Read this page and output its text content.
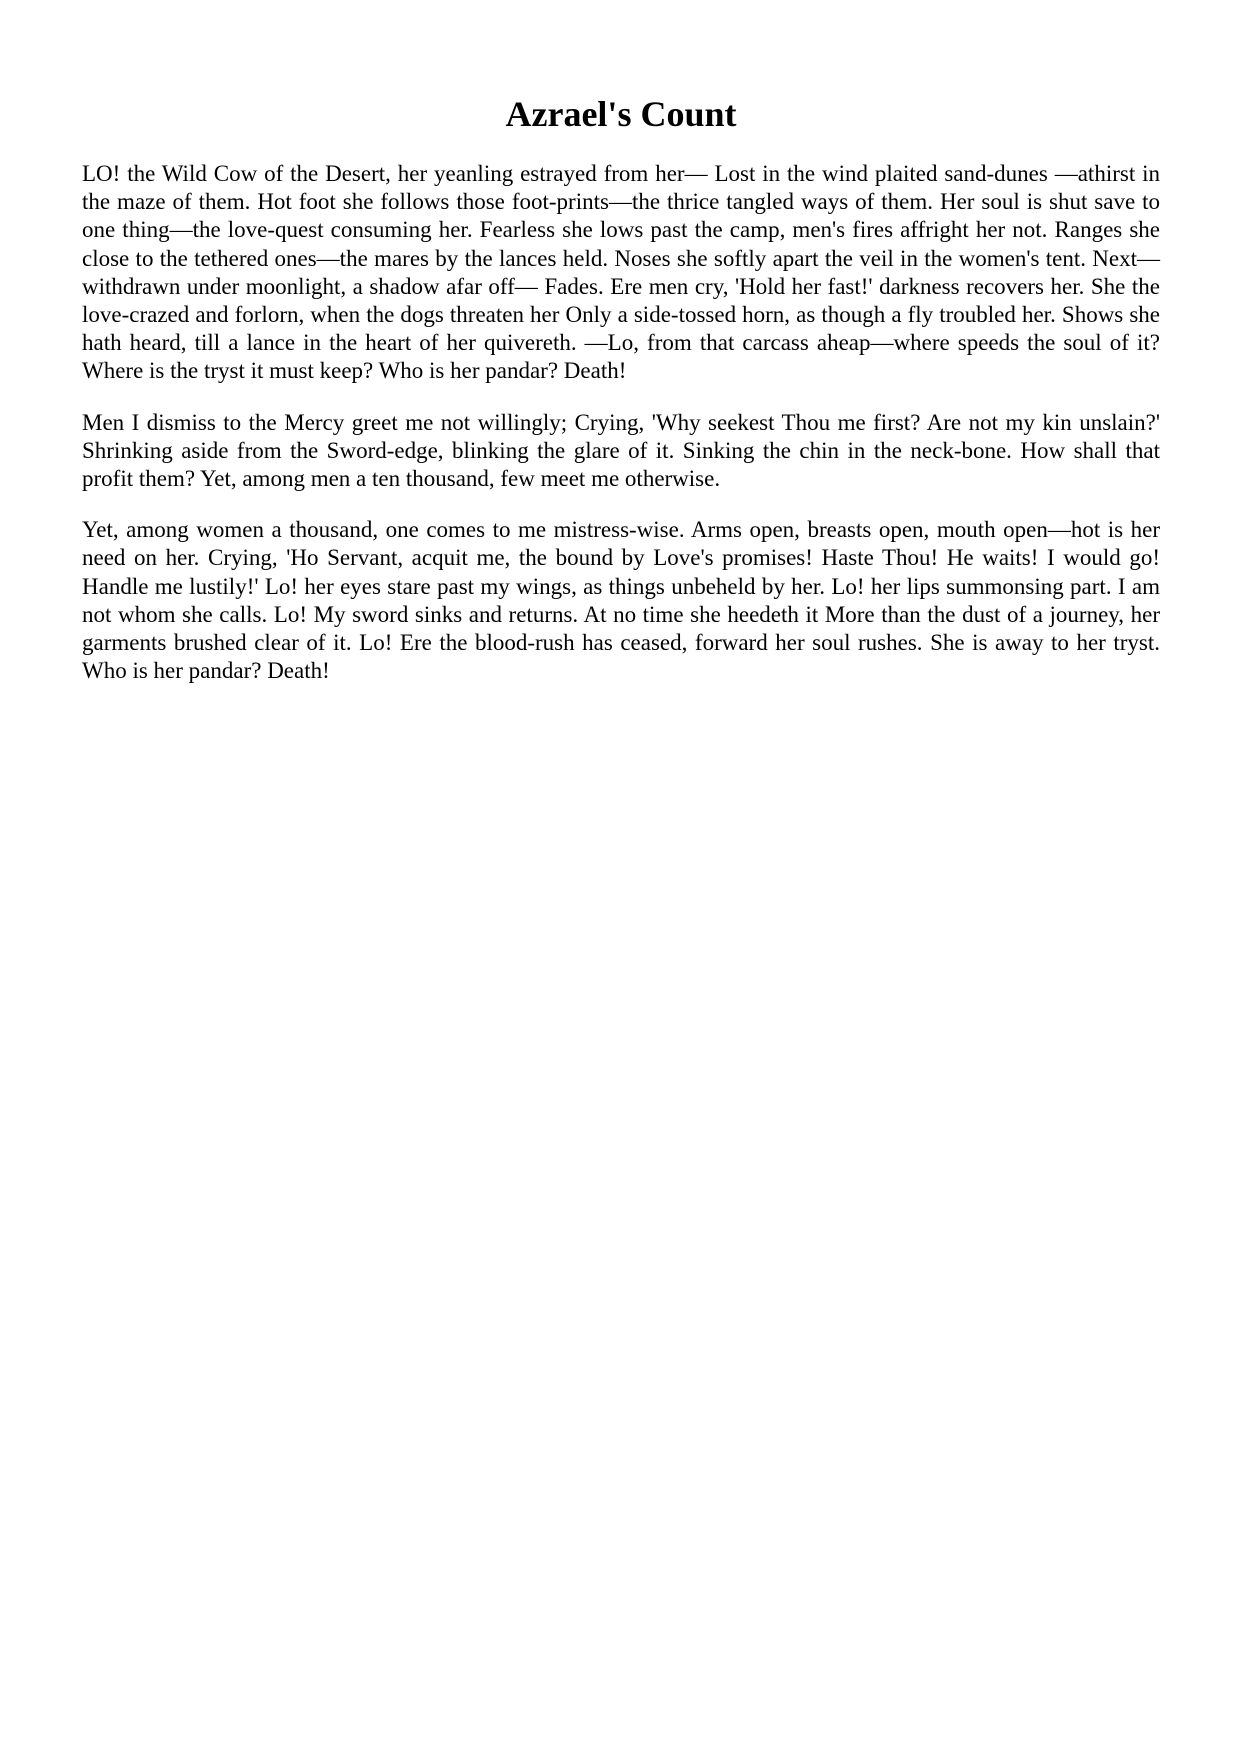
Azrael's Count

LO! the Wild Cow of the Desert, her yeanling estrayed from her— Lost in the wind plaited sand-dunes —athirst in the maze of them. Hot foot she follows those foot-prints—the thrice tangled ways of them. Her soul is shut save to one thing—the love-quest consuming her. Fearless she lows past the camp, men's fires affright her not. Ranges she close to the tethered ones—the mares by the lances held. Noses she softly apart the veil in the women's tent. Next—withdrawn under moonlight, a shadow afar off— Fades. Ere men cry, 'Hold her fast!' darkness recovers her. She the love-crazed and forlorn, when the dogs threaten her Only a side-tossed horn, as though a fly troubled her. Shows she hath heard, till a lance in the heart of her quivereth. —Lo, from that carcass aheap—where speeds the soul of it? Where is the tryst it must keep? Who is her pandar? Death!

Men I dismiss to the Mercy greet me not willingly; Crying, 'Why seekest Thou me first? Are not my kin unslain?' Shrinking aside from the Sword-edge, blinking the glare of it. Sinking the chin in the neck-bone. How shall that profit them? Yet, among men a ten thousand, few meet me otherwise.

Yet, among women a thousand, one comes to me mistress-wise. Arms open, breasts open, mouth open—hot is her need on her. Crying, 'Ho Servant, acquit me, the bound by Love's promises! Haste Thou! He waits! I would go! Handle me lustily!' Lo! her eyes stare past my wings, as things unbeheld by her. Lo! her lips summonsing part. I am not whom she calls. Lo! My sword sinks and returns. At no time she heedeth it More than the dust of a journey, her garments brushed clear of it. Lo! Ere the blood-rush has ceased, forward her soul rushes. She is away to her tryst. Who is her pandar? Death!
